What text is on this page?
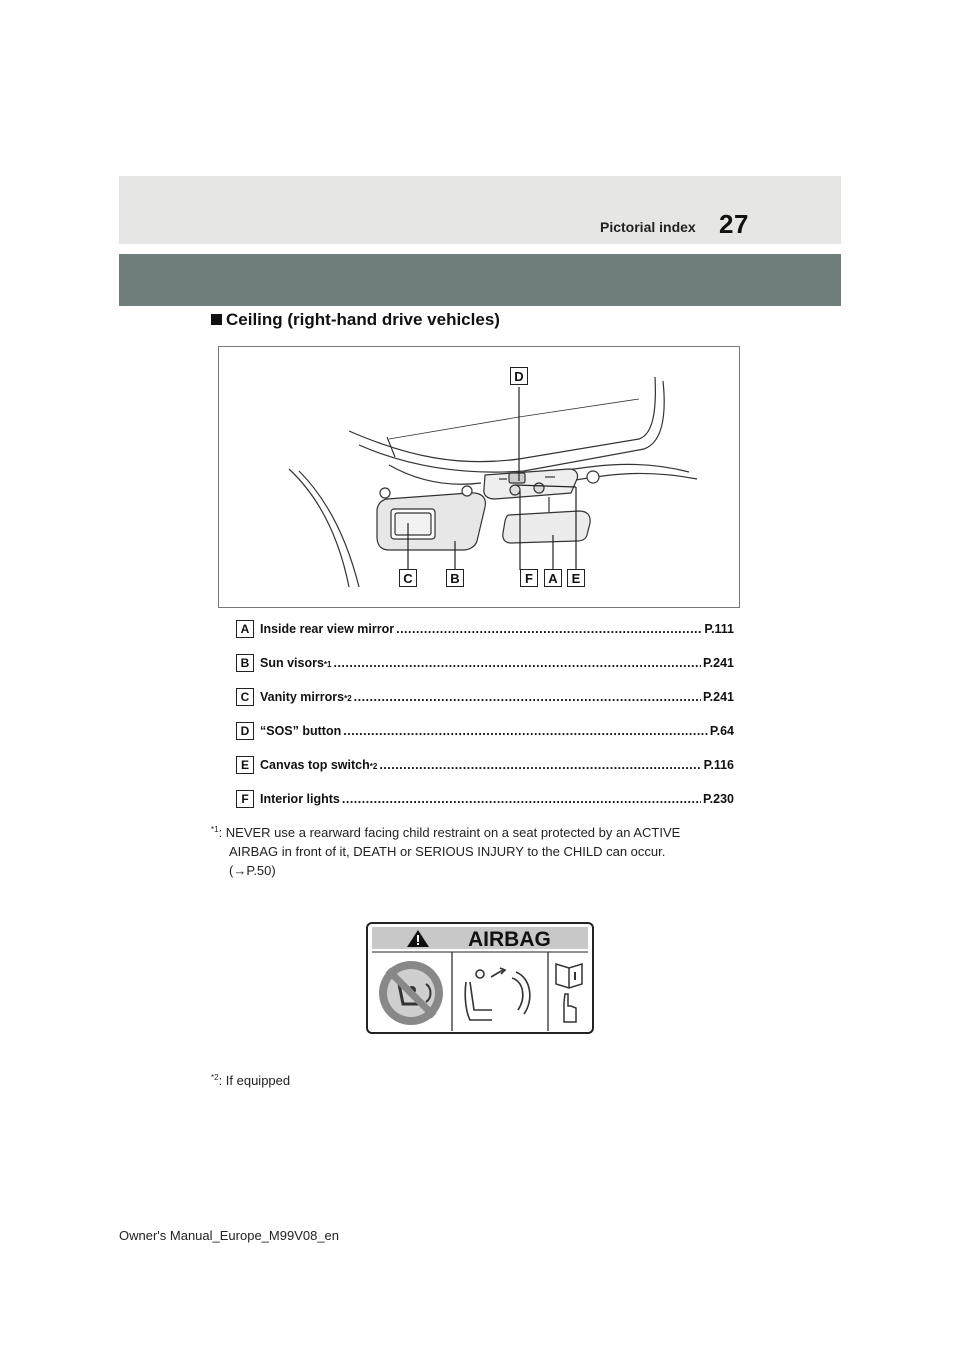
Pictorial index 27
Ceiling (right-hand drive vehicles)
D
C	B	F	A	E
A Inside rear view mirror .....	P.111
B Sun visors *1 .....	P.241
C Vanity mirrors *2 .....	P.241
D “SOS” button .....	P.64
E Canvas top switch *2 .....	P.116
F Interior lights .....	P.230
$^{*1}$: NEVER use a rearward facing child restraint on a seat protected by an ACTIVE
AIRBAG in front of it, DEATH or SERIOUS INJURY to the CHILD can occur.
(→P.50)
AIRBAG
$^{*2}$: If equipped
Owner's Manual_Europe_M99V08_en
